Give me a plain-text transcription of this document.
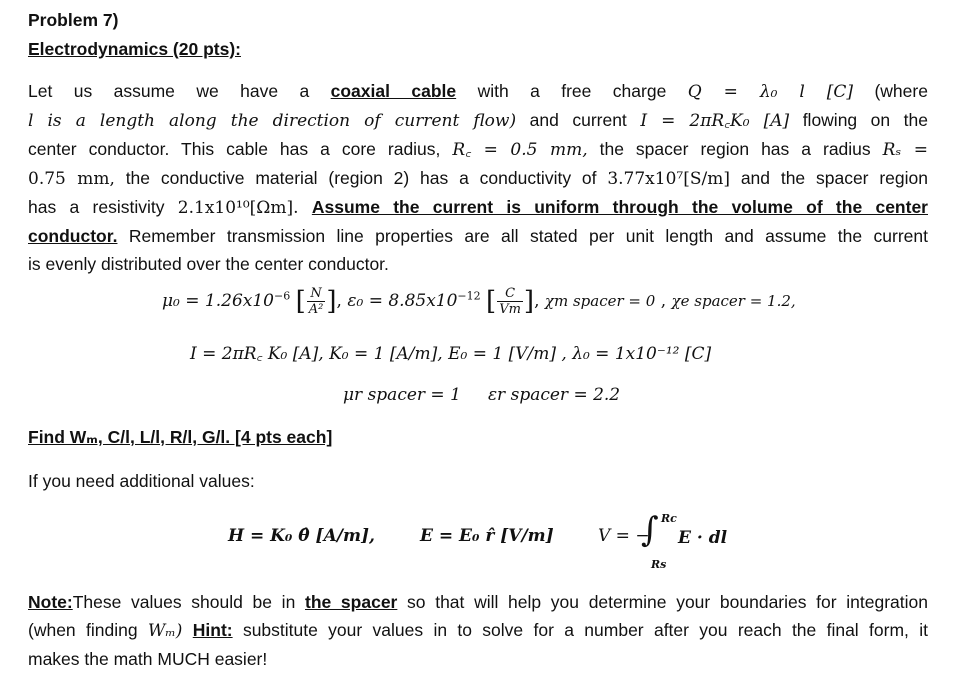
Problem 7)
Electrodynamics (20 pts):
Let us assume we have a coaxial cable with a free charge Q = λ₀ l [C] (where
l is a length along the direction of current flow) and current I = 2πR꜀K₀ [A] flowing on the
center conductor. This cable has a core radius, R꜀ = 0.5 mm, the spacer region has a radius Rₛ =
0.75 mm, the conductive material (region 2) has a conductivity of 3.77x10⁷[S/m] and the spacer region
has a resistivity 2.1x10¹⁰[Ωm]. Assume the current is uniform through the volume of the center
conductor. Remember transmission line properties are all stated per unit length and assume the current
is evenly distributed over the center conductor.
$\mu_0 = 1.26x10^{-6}$ [ $\frac{N}{\text{A²}}$ ], $\varepsilon_0 = 8.85x10^{-12}$ [ $\frac{C}{Vm}$ ], χm spacer = 0 , χe spacer = 1.2,
I = 2πR꜀ K₀ [A], K₀ = 1 [A/m], E₀ = 1 [V/m] , λ₀ = 1x10⁻¹² [C]
μr spacer = 1 εr spacer = 2.2
Find Wₘ, C/l, L/l, R/l, G/l. [4 pts each]
If you need additional values:
H = K₀ θ̂ [A/m],	E = E₀ r̂ [V/m]	V = −
∫ Rc
Rs
E · dl
Note:These values should be in the spacer so that will help you determine your boundaries for integration
(when finding Wₘ) Hint: substitute your values in to solve for a number after you reach the final form, it
makes the math MUCH easier!
